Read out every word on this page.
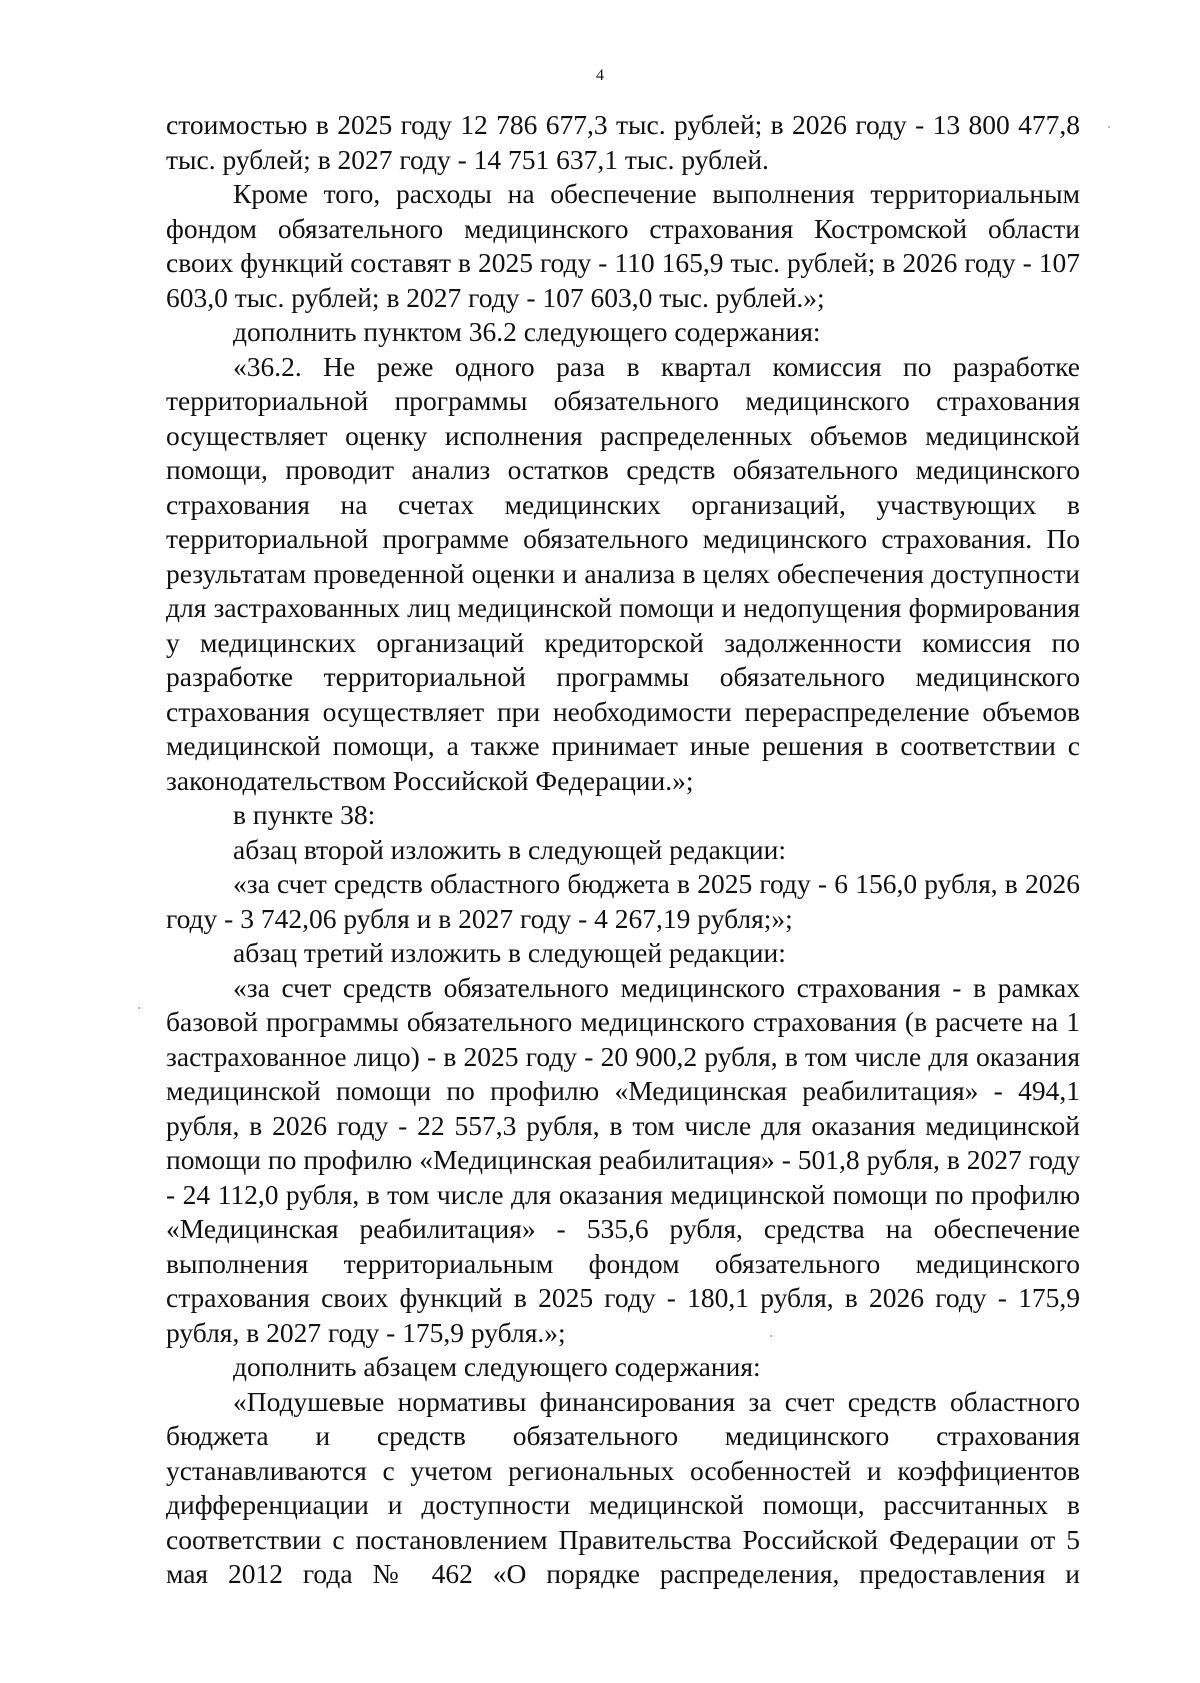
4

стоимостью в 2025 году 12 786 677,3 тыс. рублей; в 2026 году - 13 800 477,8 тыс. рублей; в 2027 году - 14 751 637,1 тыс. рублей.

Кроме того, расходы на обеспечение выполнения территориальным фондом обязательного медицинского страхования Костромской области своих функций составят в 2025 году - 110 165,9 тыс. рублей; в 2026 году - 107 603,0 тыс. рублей; в 2027 году - 107 603,0 тыс. рублей.»;

дополнить пунктом 36.2 следующего содержания:

«36.2. Не реже одного раза в квартал комиссия по разработке территориальной программы обязательного медицинского страхования осуществляет оценку исполнения распределенных объемов медицинской помощи, проводит анализ остатков средств обязательного медицинского страхования на счетах медицинских организаций, участвующих в территориальной программе обязательного медицинского страхования. По результатам проведенной оценки и анализа в целях обеспечения доступности для застрахованных лиц медицинской помощи и недопущения формирования у медицинских организаций кредиторской задолженности комиссия по разработке территориальной программы обязательного медицинского страхования осуществляет при необходимости перераспределение объемов медицинской помощи, а также принимает иные решения в соответствии с законодательством Российской Федерации.»;

в пункте 38:

абзац второй изложить в следующей редакции:

«за счет средств областного бюджета в 2025 году - 6 156,0 рубля, в 2026 году - 3 742,06 рубля и в 2027 году - 4 267,19 рубля;»;

абзац третий изложить в следующей редакции:

«за счет средств обязательного медицинского страхования - в рамках базовой программы обязательного медицинского страхования (в расчете на 1 застрахованное лицо) - в 2025 году - 20 900,2 рубля, в том числе для оказания медицинской помощи по профилю «Медицинская реабилитация» - 494,1 рубля, в 2026 году - 22 557,3 рубля, в том числе для оказания медицинской помощи по профилю «Медицинская реабилитация» - 501,8 рубля, в 2027 году - 24 112,0 рубля, в том числе для оказания медицинской помощи по профилю «Медицинская реабилитация» - 535,6 рубля, средства на обеспечение выполнения территориальным фондом обязательного медицинского страхования своих функций в 2025 году - 180,1 рубля, в 2026 году - 175,9 рубля, в 2027 году - 175,9 рубля.»;

дополнить абзацем следующего содержания:

«Подушевые нормативы финансирования за счет средств областного бюджета и средств обязательного медицинского страхования устанавливаются с учетом региональных особенностей и коэффициентов дифференциации и доступности медицинской помощи, рассчитанных в соответствии с постановлением Правительства Российской Федерации от 5 мая 2012 года № 462 «О порядке распределения, предоставления и
